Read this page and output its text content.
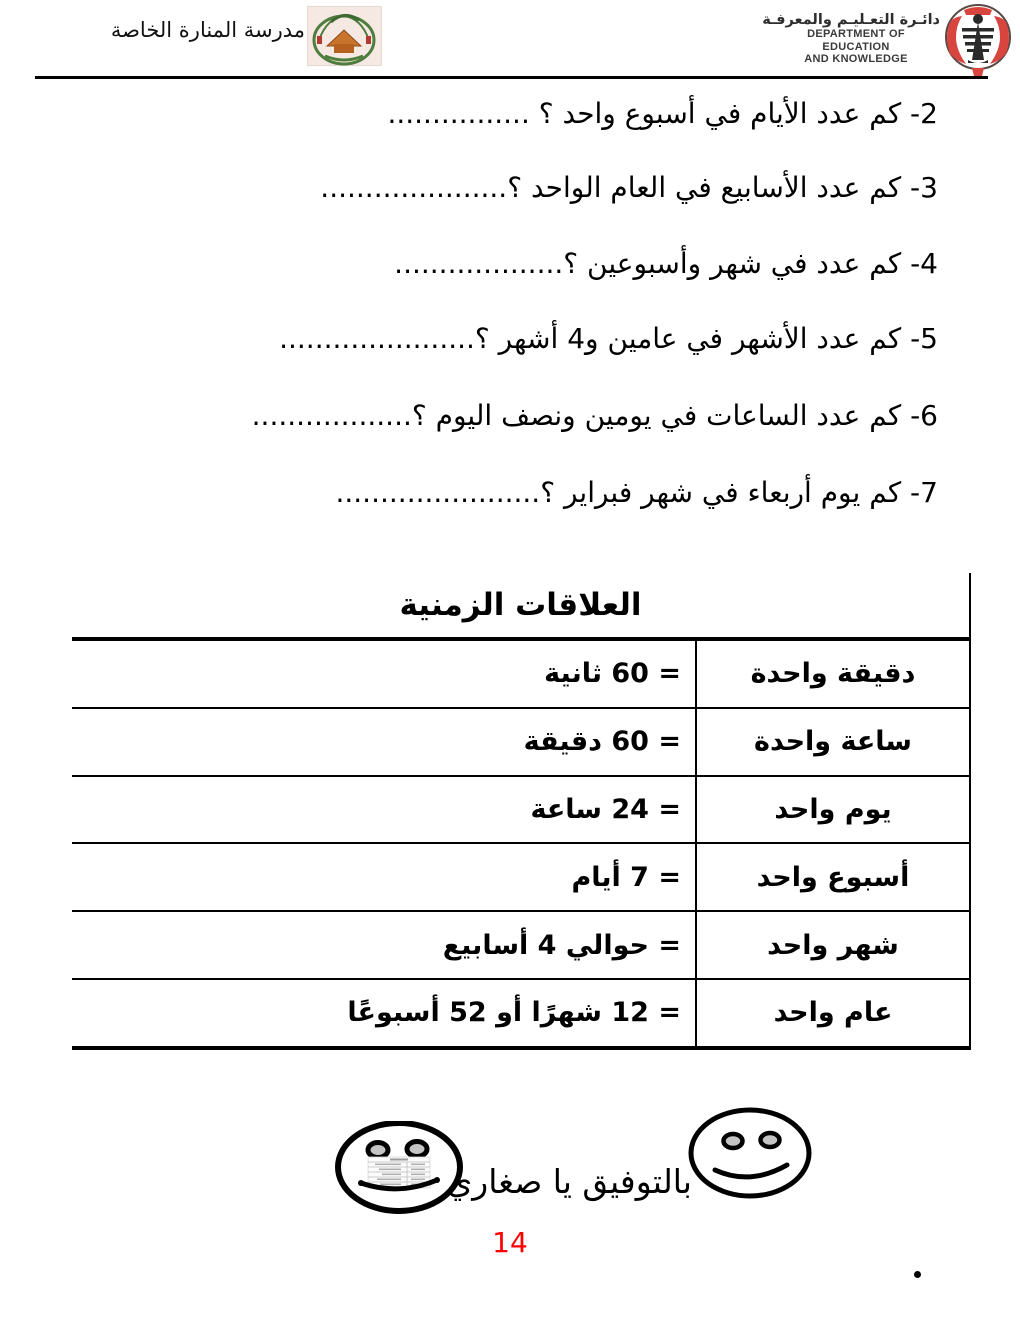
مدرسة المنارة الخاصة	دائـرة التعـليـم والمعرفـة
DEPARTMENT OF EDUCATION
AND KNOWLEDGE
2- كم عدد الأيام في أسبوع واحد ؟ ................
3- كم عدد الأسابيع في العام الواحد ؟.....................
4- كم عدد في شهر وأسبوعين ؟...................
5- كم عدد الأشهر في عامين و4 أشهر ؟......................
6- كم عدد الساعات في يومين ونصف اليوم ؟..................
7- كم يوم أربعاء في شهر فبراير ؟.......................
العلاقات الزمنية
= 60 ثانية	دقيقة واحدة
= 60 دقيقة	ساعة واحدة
= 24 ساعة	يوم واحد
= 7 أيام	أسبوع واحد
= حوالي 4 أسابيع	شهر واحد
= 12 شهرًا أو 52 أسبوعًا	عام واحد
بالتوفيق يا صغاري
14
